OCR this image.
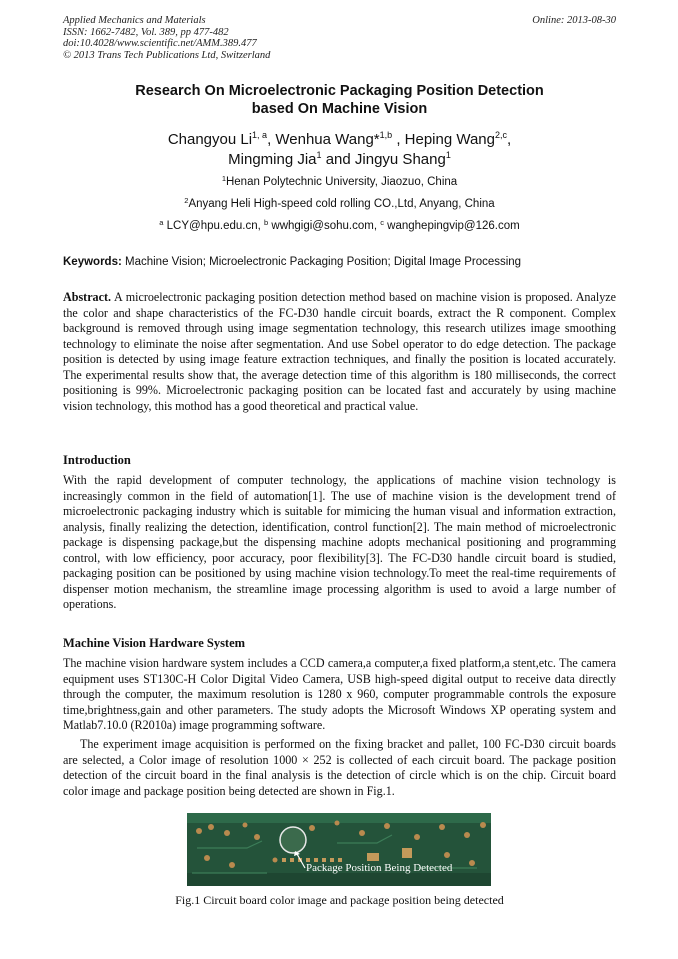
Applied Mechanics and Materials
ISSN: 1662-7482, Vol. 389, pp 477-482
doi:10.4028/www.scientific.net/AMM.389.477
© 2013 Trans Tech Publications Ltd, Switzerland
Online: 2013-08-30
Research On Microelectronic Packaging Position Detection
based On Machine Vision
Changyou Li$^{1, a}$, Wenhua Wang*$^{1,b}$ , Heping Wang$^{2,c}$,
Mingming Jia$^1$ and Jingyu Shang$^1$
$^1$Henan Polytechnic University, Jiaozuo, China
$^2$Anyang Heli High-speed cold rolling CO.,Ltd, Anyang, China
$^a$ LCY@hpu.edu.cn, $^b$ wwhgigi@sohu.com, $^c$ wanghepingvip@126.com
Keywords: Machine Vision; Microelectronic Packaging Position; Digital Image Processing
Abstract. A microelectronic packaging position detection method based on machine vision is proposed. Analyze the color and shape characteristics of the FC-D30 handle circuit boards, extract the R component. Complex background is removed through using image segmentation technology, this research utilizes image smoothing technology to eliminate the noise after segmentation. And use Sobel operator to do edge detection. The package position is detected by using image feature extraction techniques, and finally the position is located accurately. The experimental results show that, the average detection time of this algorithm is 180 milliseconds, the correct positioning is 99%. Microelectronic packaging position can be located fast and accurately by using machine vision technology, this mothod has a good theoretical and practical value.
Introduction
With the rapid development of computer technology, the applications of machine vision technology is increasingly common in the field of automation[1]. The use of machine vision is the development trend of microelectronic packaging industry which is suitable for mimicing the human visual and information extraction, analysis, finally realizing the detection, identification, control function[2]. The main method of microelectronic package is dispensing package,but the dispensing machine adopts mechanical positioning and programming control, with low efficiency, poor accuracy, poor flexibility[3]. The FC-D30 handle circuit board is studied, packaging position can be positioned by using machine vision technology.To meet the real-time requirements of dispenser motion mechanism, the streamline image processing algorithm is used to avoid a large number of operations.
Machine Vision Hardware System
The machine vision hardware system includes a CCD camera,a computer,a fixed platform,a stent,etc. The camera equipment uses ST130C-H Color Digital Video Camera, USB high-speed digital output to receive data directly through the computer, the maximum resolution is 1280 x 960, computer programmable controls the exposure time,brightness,gain and other parameters. The study adopts the Microsoft Windows XP operating system and Matlab7.10.0 (R2010a) image programming software.
The experiment image acquisition is performed on the fixing bracket and pallet, 100 FC-D30 circuit boards are selected, a Color image of resolution 1000 × 252 is collected of each circuit board. The package position detection of the circuit board in the final analysis is the detection of circle which is on the chip. Circuit board color image and package position being detected are shown in Fig.1.
Package Position Being Detected
Fig.1 Circuit board color image and package position being detected
